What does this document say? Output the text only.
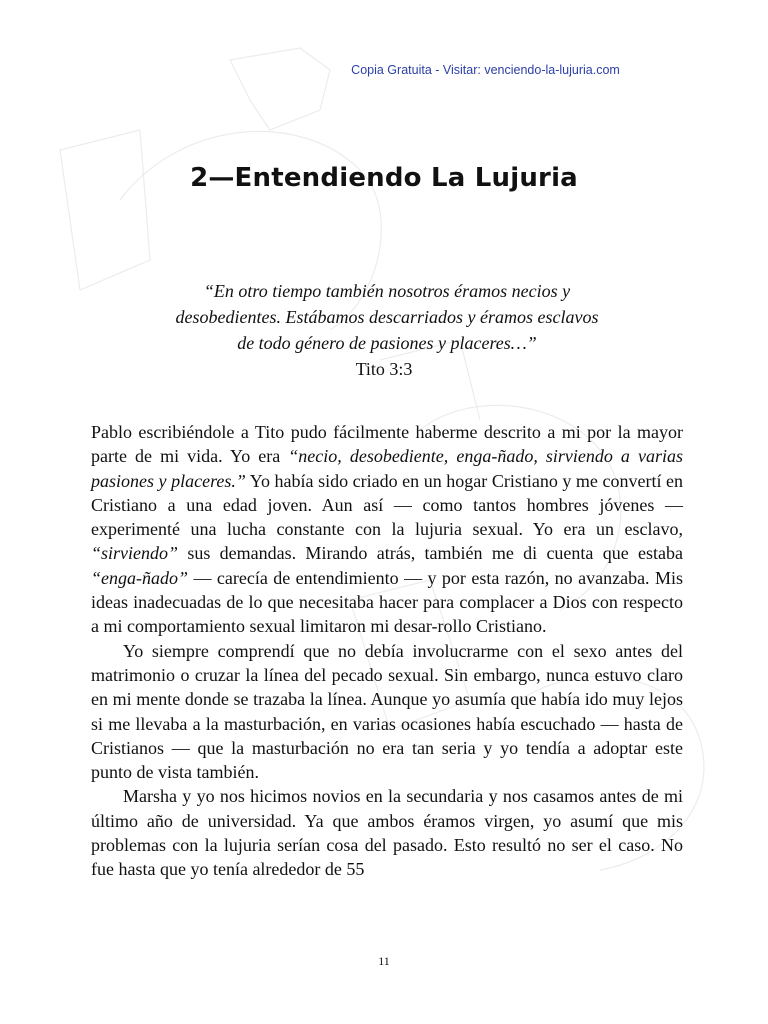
Copia Gratuita - Visitar: venciendo-la-lujuria.com
2—Entendiendo La Lujuria
“En otro tiempo también nosotros éramos necios y
desobedientes. Estábamos descarriados y éramos esclavos
de todo género de pasiones y placeres…”
Tito 3:3

Pablo escribiéndole a Tito pudo fácilmente haberme descrito a mi por la mayor parte de mi vida. Yo era “necio, desobediente, enga-ñado, sirviendo a varias pasiones y placeres.” Yo había sido criado en un hogar Cristiano y me convertí en Cristiano a una edad joven. Aun así — como tantos hombres jóvenes — experimenté una lucha constante con la lujuria sexual. Yo era un esclavo, “sirviendo” sus demandas. Mirando atrás, también me di cuenta que estaba “enga-ñado” — carecía de entendimiento — y por esta razón, no avanzaba. Mis ideas inadecuadas de lo que necesitaba hacer para complacer a Dios con respecto a mi comportamiento sexual limitaron mi desar-rollo Cristiano.

Yo siempre comprendí que no debía involucrarme con el sexo antes del matrimonio o cruzar la línea del pecado sexual. Sin embargo, nunca estuvo claro en mi mente donde se trazaba la línea. Aunque yo asumía que había ido muy lejos si me llevaba a la masturbación, en varias ocasiones había escuchado — hasta de Cristianos — que la masturbación no era tan seria y yo tendía a adoptar este punto de vista también.

Marsha y yo nos hicimos novios en la secundaria y nos casamos antes de mi último año de universidad. Ya que ambos éramos virgen, yo asumí que mis problemas con la lujuria serían cosa del pasado. Esto resultó no ser el caso. No fue hasta que yo tenía alrededor de 55

11
